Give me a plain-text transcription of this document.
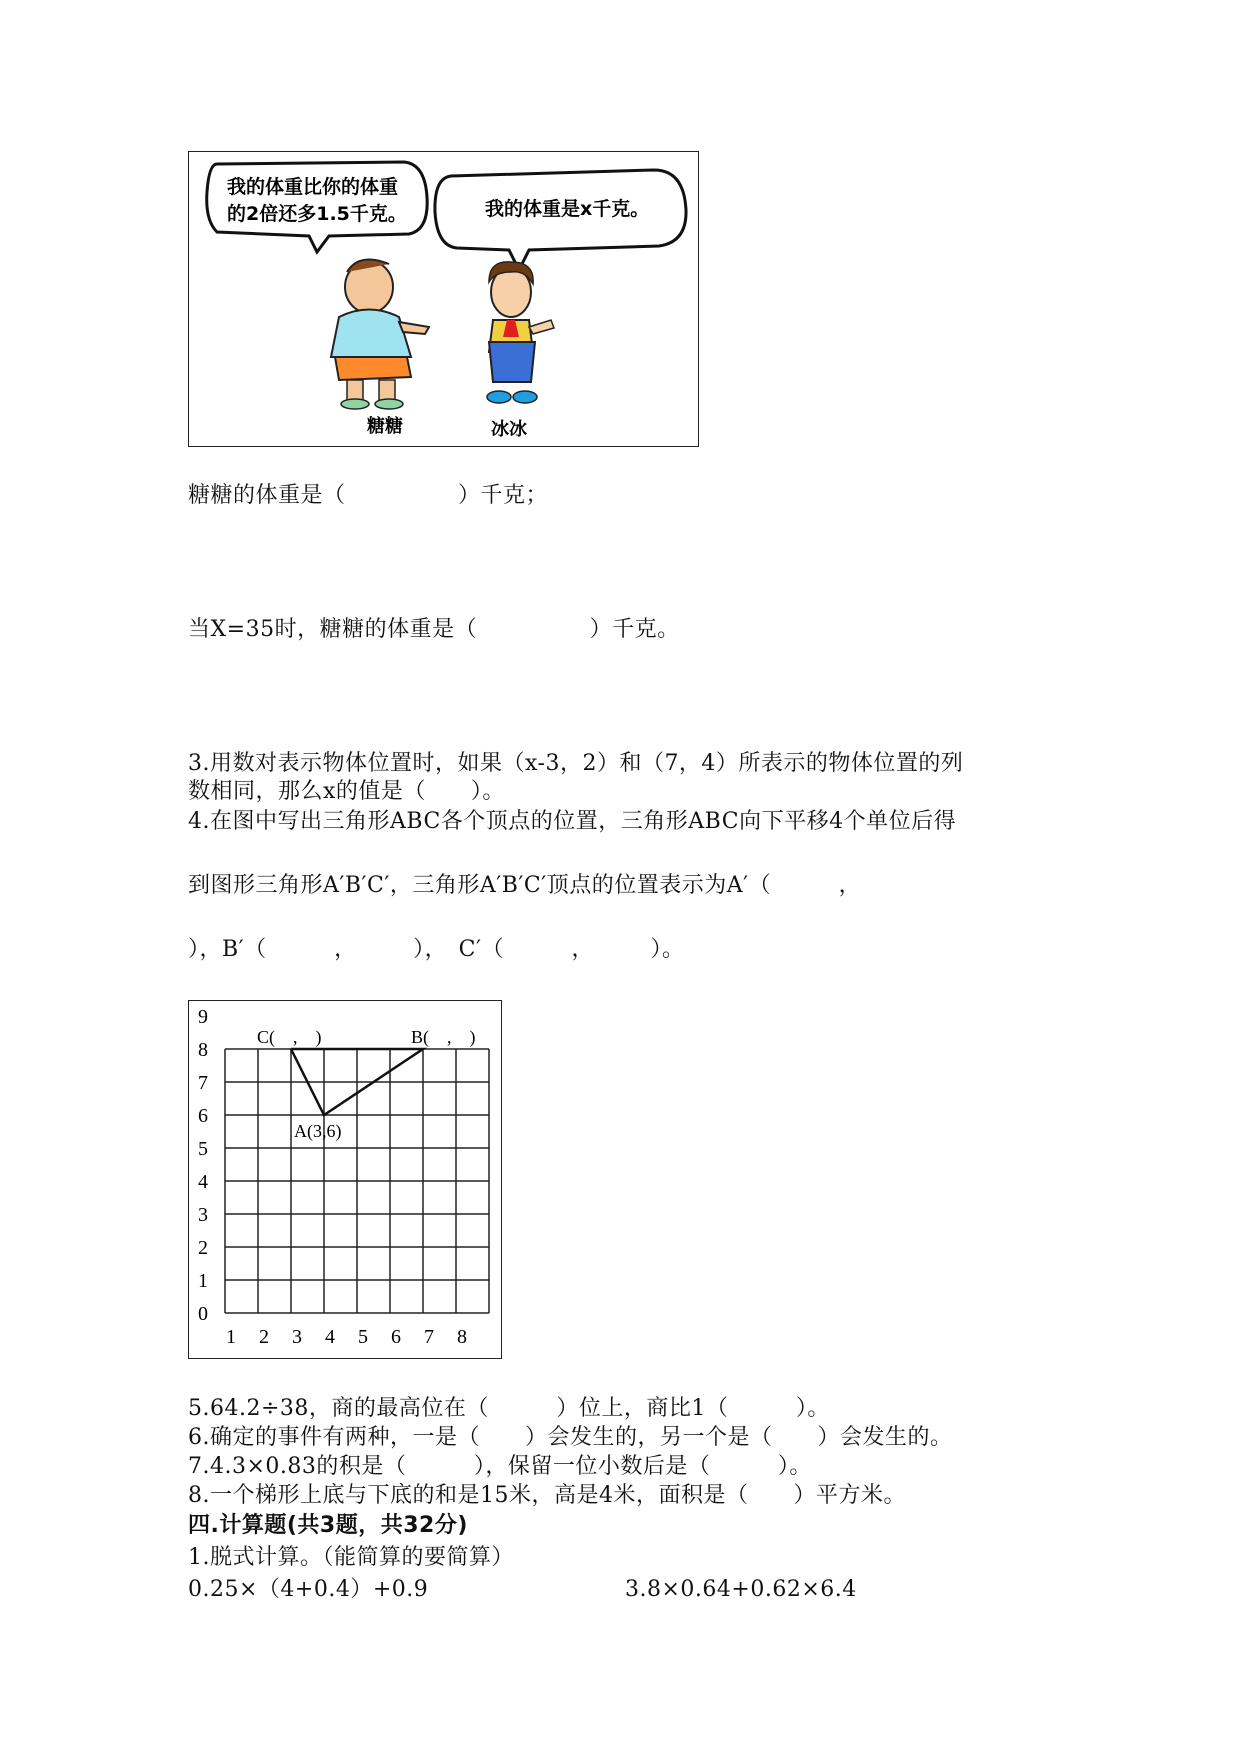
我的体重比你的体重
的2倍还多1.5千克。	我的体重是x千克。
糖糖	冰冰
糖糖的体重是（　　　　　）千克；
当X=35时，糖糖的体重是（　　　　　）千克。
3.用数对表示物体位置时，如果（x-3，2）和（7，4）所表示的物体位置的列
数相同，那么x的值是（　　）。
4.在图中写出三角形ABC各个顶点的位置，三角形ABC向下平移4个单位后得
到图形三角形A′B′C′，三角形A′B′C′顶点的位置表示为A′（　　　，
），B′（　　　，　　　），　C′（　　　，　　　）。
0
1
2
3
4
5
6
7
8
9
1 2 3 4 5 6 7 8
A(3,6)
B(　,　)
C(　,　)
5.64.2÷38，商的最高位在（　　　）位上，商比1（　　　）。
6.确定的事件有两种，一是（　　）会发生的，另一个是（　　）会发生的。
7.4.3×0.83的积是（　　　），保留一位小数后是（　　　）。
8.一个梯形上底与下底的和是15米，高是4米，面积是（　　）平方米。
四.计算题(共3题，共32分)
1.脱式计算。（能简算的要简算）
0.25×（4+0.4）+0.9	3.8×0.64+0.62×6.4
